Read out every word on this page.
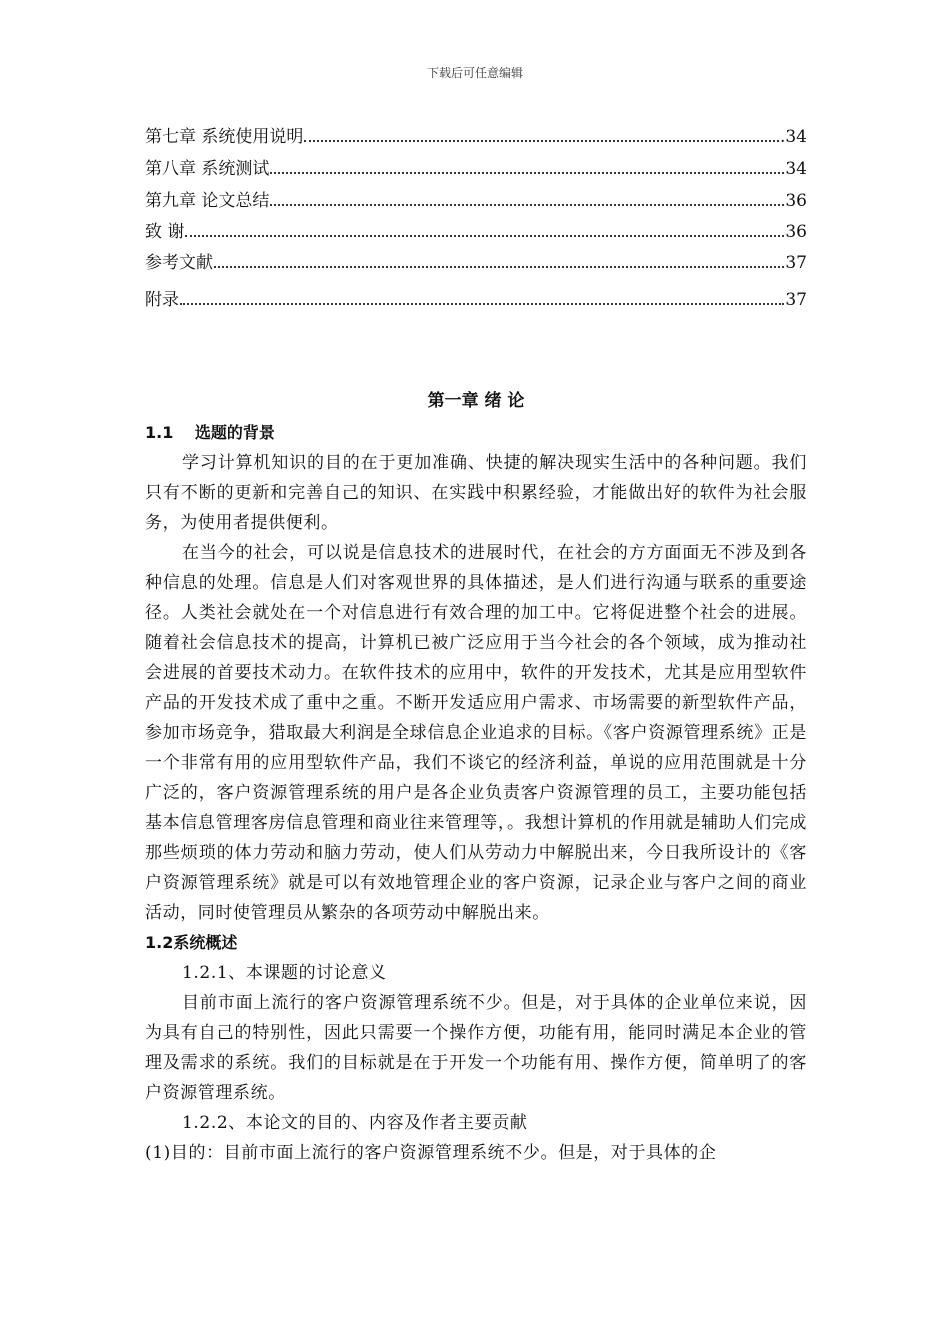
下载后可任意编辑
第七章 系统使用说明	.34
第八章 系统测试	34
第九章 论文总结	36
致 谢	36
参考文献	37
附录	37
第一章 绪 论
1.1　 选题的背景

学习计算机知识的目的在于更加准确、快捷的解决现实生活中的各种问题。我们只有不断的更新和完善自己的知识、在实践中积累经验，才能做出好的软件为社会服务，为使用者提供便利。

在当今的社会，可以说是信息技术的进展时代，在社会的方方面面无不涉及到各种信息的处理。信息是人们对客观世界的具体描述，是人们进行沟通与联系的重要途径。人类社会就处在一个对信息进行有效合理的加工中。它将促进整个社会的进展。随着社会信息技术的提高，计算机已被广泛应用于当今社会的各个领域，成为推动社会进展的首要技术动力。在软件技术的应用中，软件的开发技术，尤其是应用型软件产品的开发技术成了重中之重。不断开发适应用户需求、市场需要的新型软件产品，参加市场竞争，猎取最大利润是全球信息企业追求的目标。《客户资源管理系统》正是一个非常有用的应用型软件产品，我们不谈它的经济利益，单说的应用范围就是十分广泛的，客户资源管理系统的用户是各企业负责客户资源管理的员工，主要功能包括基本信息管理客房信息管理和商业往来管理等，。我想计算机的作用就是辅助人们完成那些烦琐的体力劳动和脑力劳动，使人们从劳动力中解脱出来，今日我所设计的《客户资源管理系统》就是可以有效地管理企业的客户资源，记录企业与客户之间的商业活动，同时使管理员从繁杂的各项劳动中解脱出来。

1.2系统概述

1.2.1、本课题的讨论意义

目前市面上流行的客户资源管理系统不少。但是，对于具体的企业单位来说，因为具有自己的特别性，因此只需要一个操作方便，功能有用，能同时满足本企业的管理及需求的系统。我们的目标就是在于开发一个功能有用、操作方便，简单明了的客户资源管理系统。

1.2.2、本论文的目的、内容及作者主要贡献

(1)目的：目前市面上流行的客户资源管理系统不少。但是，对于具体的企
